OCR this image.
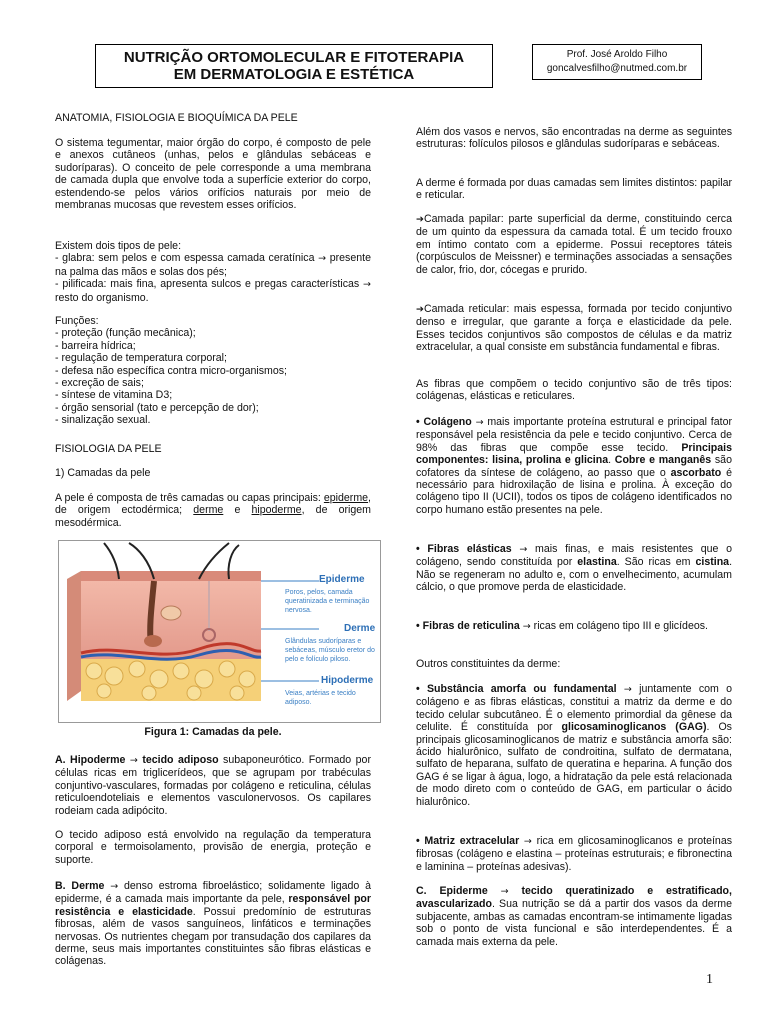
NUTRIÇÃO ORTOMOLECULAR E FITOTERAPIA
EM DERMATOLOGIA E ESTÉTICA
Prof. José Aroldo Filho
goncalvesfilho@nutmed.com.br
ANATOMIA, FISIOLOGIA E BIOQUÍMICA DA PELE
O sistema tegumentar, maior órgão do corpo, é composto de pele e anexos cutâneos (unhas, pelos e glândulas sebáceas e sudoríparas). O conceito de pele corresponde a uma membrana de camada dupla que envolve toda a superfície exterior do corpo, estendendo-se pelos vários orifícios naturais por meio de membranas mucosas que revestem esses orifícios.

Existem dois tipos de pele:

- glabra: sem pelos e com espessa camada ceratínica → presente na palma das mãos e solas dos pés;

- pilificada: mais fina, apresenta sulcos e pregas características → resto do organismo.

Funções:

- proteção (função mecânica);

- barreira hídrica;

- regulação de temperatura corporal;

- defesa não específica contra micro-organismos;

- excreção de sais;

- síntese de vitamina D3;

- órgão sensorial (tato e percepção de dor);

- sinalização sexual.

FISIOLOGIA DA PELE
1) Camadas da pele
A pele é composta de três camadas ou capas principais: epiderme, de origem ectodérmica; derme e hipoderme, de origem mesodérmica.
A. Hipoderme → tecido adiposo subaponeurótico. Formado por células ricas em triglicerídeos, que se agrupam por trabéculas conjuntivo-vasculares, formadas por colágeno e reticulina, células reticuloendoteliais e elementos vasculonervosos. Os capilares rodeiam cada adipócito.
O tecido adiposo está envolvido na regulação da temperatura corporal e termoisolamento, provisão de energia, proteção e suporte.
B. Derme → denso estroma fibroelástico; solidamente ligado à epiderme, é a camada mais importante da pele, responsável por resistência e elasticidade. Possui predomínio de estruturas fibrosas, além de vasos sanguíneos, linfáticos e terminações nervosas. Os nutrientes chegam por transudação dos capilares da derme, seus mais importantes constituintes são fibras elásticas e colágenas.
Epiderme
Poros, pelos, camada queratinizada e terminação nervosa.
Derme
Glândulas sudoríparas e sebáceas, músculo eretor do pelo e folículo piloso.
Hipoderme
Veias, artérias e tecido adiposo.
Figura 1: Camadas da pele.
Além dos vasos e nervos, são encontradas na derme as seguintes estruturas: folículos pilosos e glândulas sudoríparas e sebáceas.
A derme é formada por duas camadas sem limites distintos: papilar e reticular.
➔Camada papilar: parte superficial da derme, constituindo cerca de um quinto da espessura da camada total. É um tecido frouxo em íntimo contato com a epiderme. Possui receptores táteis (corpúsculos de Meissner) e terminações associadas a sensações de calor, frio, dor, cócegas e prurido.
➔Camada reticular: mais espessa, formada por tecido conjuntivo denso e irregular, que garante a força e elasticidade da pele. Esses tecidos conjuntivos são compostos de células e da matriz extracelular, a qual consiste em substância fundamental e fibras.
As fibras que compõem o tecido conjuntivo são de três tipos: colágenas, elásticas e reticulares.
• Colágeno → mais importante proteína estrutural e principal fator responsável pela resistência da pele e tecido conjuntivo. Cerca de 98% das fibras que compõe esse tecido. Principais componentes: lisina, prolina e glicina. Cobre e manganês são cofatores da síntese de colágeno, ao passo que o ascorbato é necessário para hidroxilação de lisina e prolina. À exceção do colágeno tipo II (UCII), todos os tipos de colágeno identificados no corpo humano estão presentes na pele.
• Fibras elásticas → mais finas, e mais resistentes que o colágeno, sendo constituída por elastina. São ricas em cistina. Não se regeneram no adulto e, com o envelhecimento, acumulam cálcio, o que promove perda de elasticidade.
• Fibras de reticulina → ricas em colágeno tipo III e glicídeos.
Outros constituintes da derme:
• Substância amorfa ou fundamental → juntamente com o colágeno e as fibras elásticas, constitui a matriz da derme e do tecido celular subcutâneo. É o elemento primordial da gênese da celulite. É constituída por glicosaminoglicanos (GAG). Os principais glicosaminoglicanos de matriz e substância amorfa são: ácido hialurônico, sulfato de condroitina, sulfato de dermatana, sulfato de heparana, sulfato de queratina e heparina. A função dos GAG é se ligar à água, logo, a hidratação da pele está relacionada de modo direto com o conteúdo de GAG, em particular o ácido hialurônico.
• Matriz extracelular → rica em glicosaminoglicanos e proteínas fibrosas (colágeno e elastina – proteínas estruturais; e fibronectina e laminina – proteínas adesivas).
C. Epiderme → tecido queratinizado e estratificado, avascularizado. Sua nutrição se dá a partir dos vasos da derme subjacente, ambas as camadas encontram-se intimamente ligadas sob o ponto de vista funcional e são interdependentes. É a camada mais externa da pele.
1
